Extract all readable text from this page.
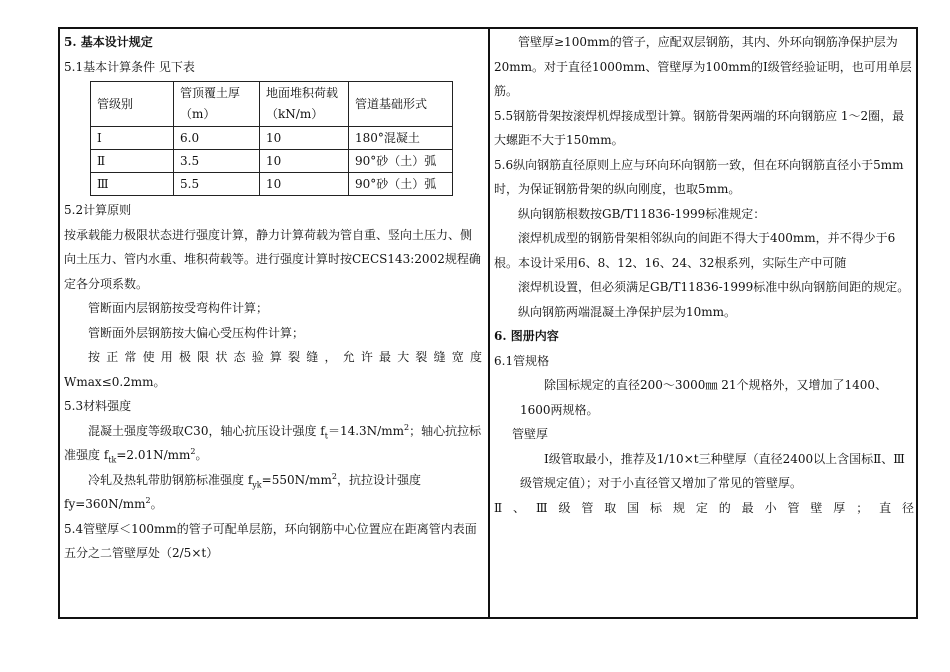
5. 基本设计规定

5.1基本计算条件 见下表

管级别	管顶覆土厚（m）	地面堆积荷载（kN/m）	管道基础形式
Ⅰ	6.0	10	180°混凝土
Ⅱ	3.5	10	90°砂（土）弧
Ⅲ	5.5	10	90°砂（土）弧

5.2计算原则

按承载能力极限状态进行强度计算，静力计算荷载为管自重、竖向土压力、侧向土压力、管内水重、堆积荷载等。进行强度计算时按CECS143:2002规程确定各分项系数。

管断面内层钢筋按受弯构件计算；

管断面外层钢筋按大偏心受压构件计算；

按正常使用极限状态验算裂缝，允许最大裂缝宽度

Wmax≤0.2mm。

5.3材料强度

混凝土强度等级取C30，轴心抗压设计强度 $f_t=14.3N/mm^2$；轴心抗拉标准强度 $f_{tk}=2.01N/mm^2$。

冷轧及热轧带肋钢筋标准强度 $f_{yk}=550N/mm^2$，抗拉设计强度

$fy=360N/mm^2$。

5.4管壁厚＜100mm的管子可配单层筋，环向钢筋中心位置应在距离管内表面五分之二管壁厚处（2/5×t）

管壁厚≥100mm的管子，应配双层钢筋，其内、外环向钢筋净保护层为20mm。对于直径1000mm、管壁厚为100mm的Ⅰ级管经验证明，也可用单层筋。

5.5钢筋骨架按滚焊机焊接成型计算。钢筋骨架两端的环向钢筋应 1～2圈，最大螺距不大于150mm。

5.6纵向钢筋直径原则上应与环向环向钢筋一致，但在环向钢筋直径小于5mm时，为保证钢筋骨架的纵向刚度，也取5mm。

纵向钢筋根数按GB/T11836-1999标准规定：

滚焊机成型的钢筋骨架相邻纵向的间距不得大于400mm，并不得少于6根。本设计采用6、8、12、16、24、32根系列，实际生产中可随

滚焊机设置，但必须满足GB/T11836-1999标准中纵向钢筋间距的规定。

纵向钢筋两端混凝土净保护层为10mm。

6. 图册内容

6.1管规格

除国标规定的直径200～3000㎜ 21个规格外，又增加了1400、1600两规格。

管壁厚

Ⅰ级管取最小，推荐及1/10×t三种壁厚（直径2400以上含国标Ⅱ、Ⅲ级管规定值）；对于小直径管又增加了常见的管壁厚。

Ⅱ、Ⅲ级管取国标规定的最小管壁厚；直径
